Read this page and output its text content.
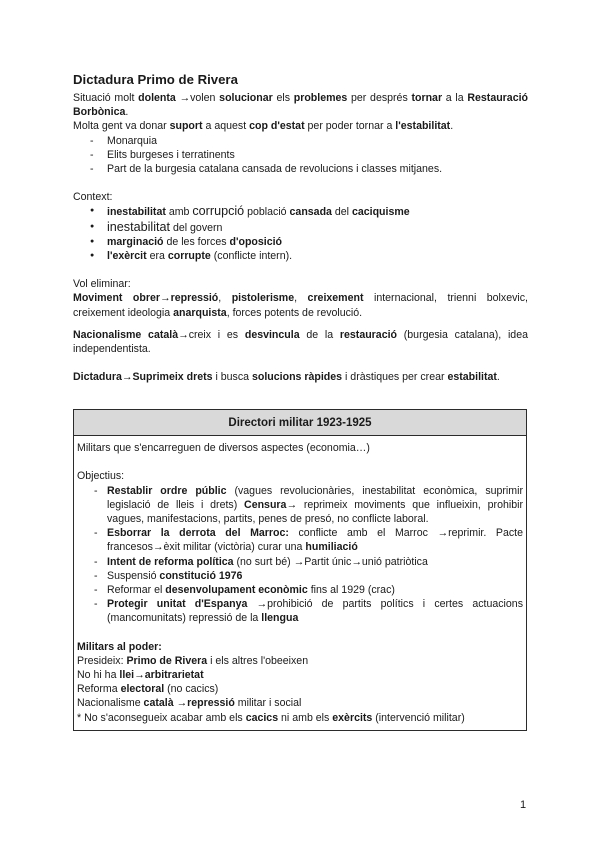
Dictadura Primo de Rivera

Situació molt dolenta →volen solucionar els problemes per després tornar a la Restauració Borbònica.

Molta gent va donar suport a aquest cop d'estat per poder tornar a l'estabilitat.

- Monarquia
- Elits burgeses i terratinents
- Part de la burgesia catalana cansada de revolucions i classes mitjanes.

Context:

● inestabilitat amb corrupció població cansada del caciquisme
● inestabilitat del govern
● marginació de les forces d'oposició
● l'exèrcit era corrupte (conflicte intern).

Vol eliminar:

Moviment obrer→repressió, pistolerisme, creixement internacional, trienni bolxevic, creixement ideologia anarquista, forces potents de revolució.

Nacionalisme català→creix i es desvincula de la restauració (burgesia catalana), idea independentista.

Dictadura→Suprimeix drets i busca solucions ràpides i dràstiques per crear estabilitat.

Directori militar 1923-1925

Militars que s'encarreguen de diversos aspectes (economia…)

Objectius:

- Restablir ordre públic (vagues revolucionàries, inestabilitat econòmica, suprimir legislació de lleis i drets) Censura→ reprimeix moviments que influeixin, prohibir vagues, manifestacions, partits, penes de presó, no conflicte laboral.
- Esborrar la derrota del Marroc: conflicte amb el Marroc →reprimir. Pacte francesos→èxit militar (victòria) curar una humiliació
- Intent de reforma política (no surt bé) →Partit únic→unió patriòtica
- Suspensió constitució 1976
- Reformar el desenvolupament econòmic fins al 1929 (crac)
- Protegir unitat d'Espanya →prohibició de partits polítics i certes actuacions (mancomunitats) repressió de la llengua

Militars al poder:

Presideix: Primo de Rivera i els altres l'obeeixen

No hi ha llei→arbitrarietat

Reforma electoral (no cacics)

Nacionalisme català →repressió militar i social

* No s'aconsegueix acabar amb els cacics ni amb els exèrcits (intervenció militar)

1
